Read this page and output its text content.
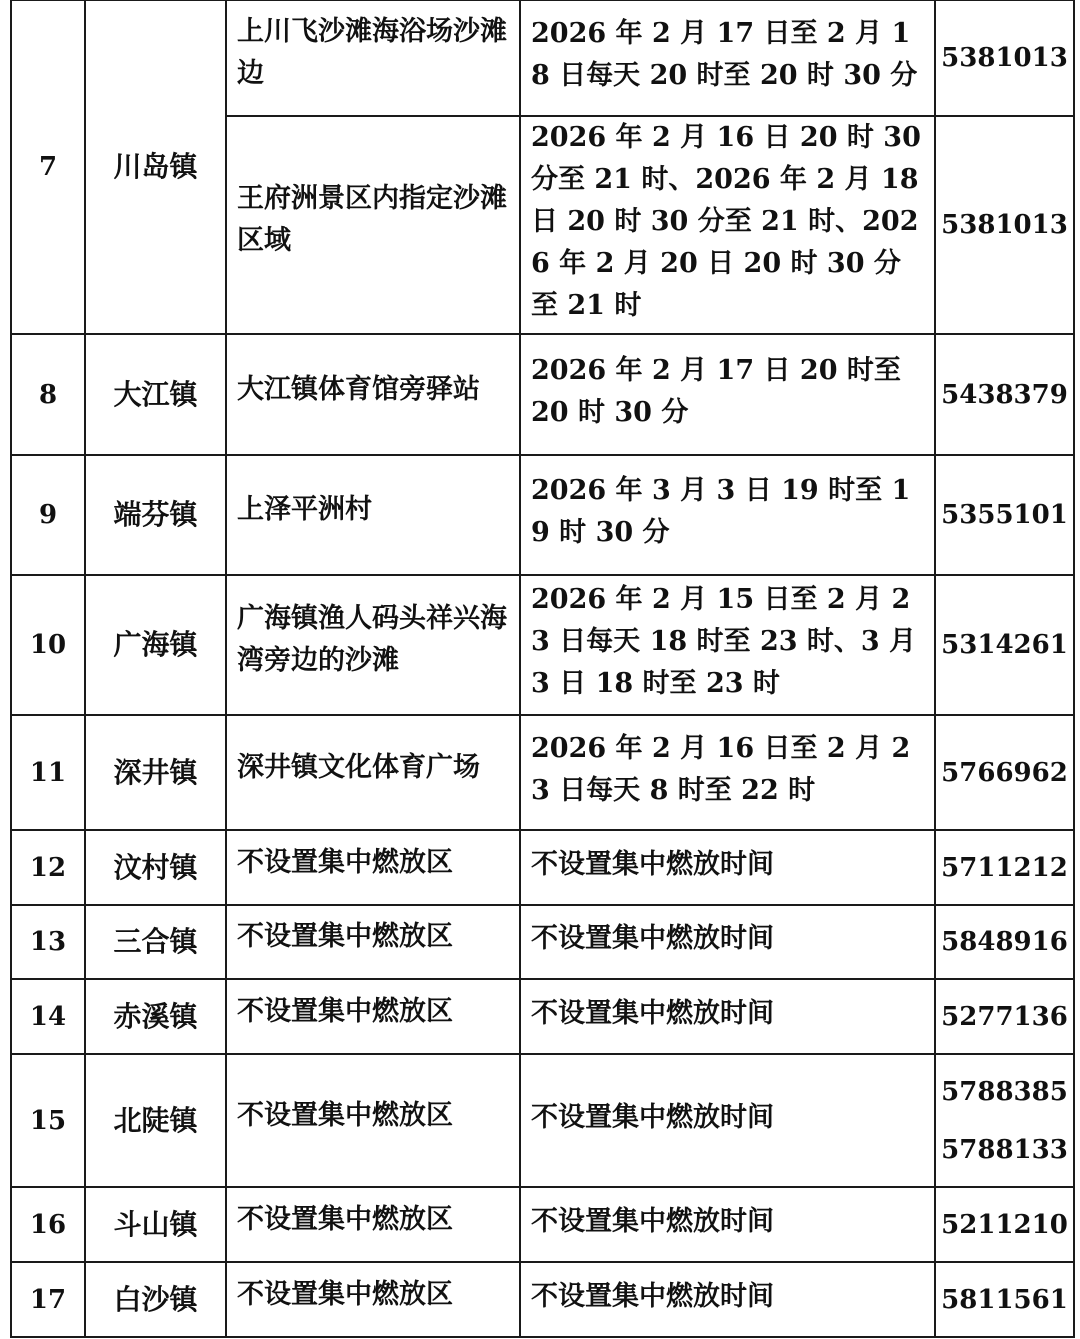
7	川岛镇	上川飞沙滩海浴场沙滩边	2026 年 2 月 17 日至 2 月 18 日每天 20 时至 20 时 30 分	5381013

		王府洲景区内指定沙滩区域	2026 年 2 月 16 日 20 时 30 分至 21 时、2026 年 2 月 18 日 20 时 30 分至 21 时、2026 年 2 月 20 日 20 时 30 分至 21 时	5381013

8	大江镇	大江镇体育馆旁驿站	2026 年 2 月 17 日 20 时至 20 时 30 分	5438379

9	端芬镇	上泽平洲村	2026 年 3 月 3 日 19 时至 19 时 30 分	5355101

10	广海镇	广海镇渔人码头祥兴海湾旁边的沙滩	2026 年 2 月 15 日至 2 月 23 日每天 18 时至 23 时、3 月 3 日 18 时至 23 时	5314261

11	深井镇	深井镇文化体育广场	2026 年 2 月 16 日至 2 月 23 日每天 8 时至 22 时	5766962

12	汶村镇	不设置集中燃放区	不设置集中燃放时间	5711212

13	三合镇	不设置集中燃放区	不设置集中燃放时间	5848916

14	赤溪镇	不设置集中燃放区	不设置集中燃放时间	5277136

15	北陡镇	不设置集中燃放区	不设置集中燃放时间	5788385
5788133

16	斗山镇	不设置集中燃放区	不设置集中燃放时间	5211210

17	白沙镇	不设置集中燃放区	不设置集中燃放时间	5811561
